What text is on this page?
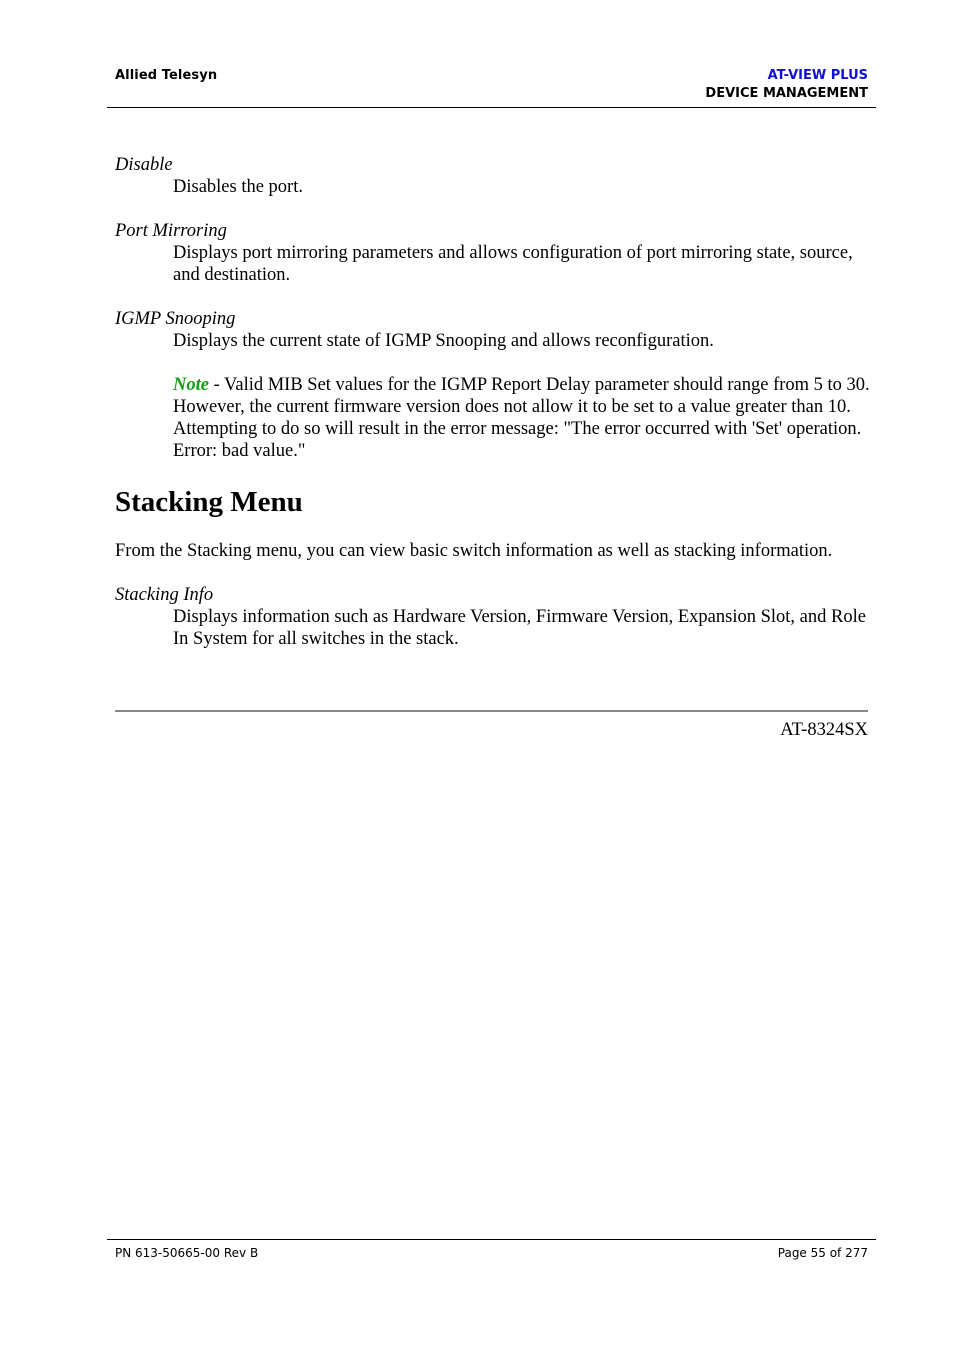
Allied Telesyn	AT-VIEW PLUS
DEVICE MANAGEMENT

Disable

Disables the port.

Port Mirroring

Displays port mirroring parameters and allows configuration of port mirroring state, source, and destination.

IGMP Snooping

Displays the current state of IGMP Snooping and allows reconfiguration.

Note - Valid MIB Set values for the IGMP Report Delay parameter should range from 5 to 30. However, the current firmware version does not allow it to be set to a value greater than 10. Attempting to do so will result in the error message: "The error occurred with 'Set' operation. Error: bad value."

Stacking Menu

From the Stacking menu, you can view basic switch information as well as stacking information.

Stacking Info

Displays information such as Hardware Version, Firmware Version, Expansion Slot, and Role In System for all switches in the stack.

AT-8324SX
PN 613-50665-00 Rev B	Page 55 of 277
